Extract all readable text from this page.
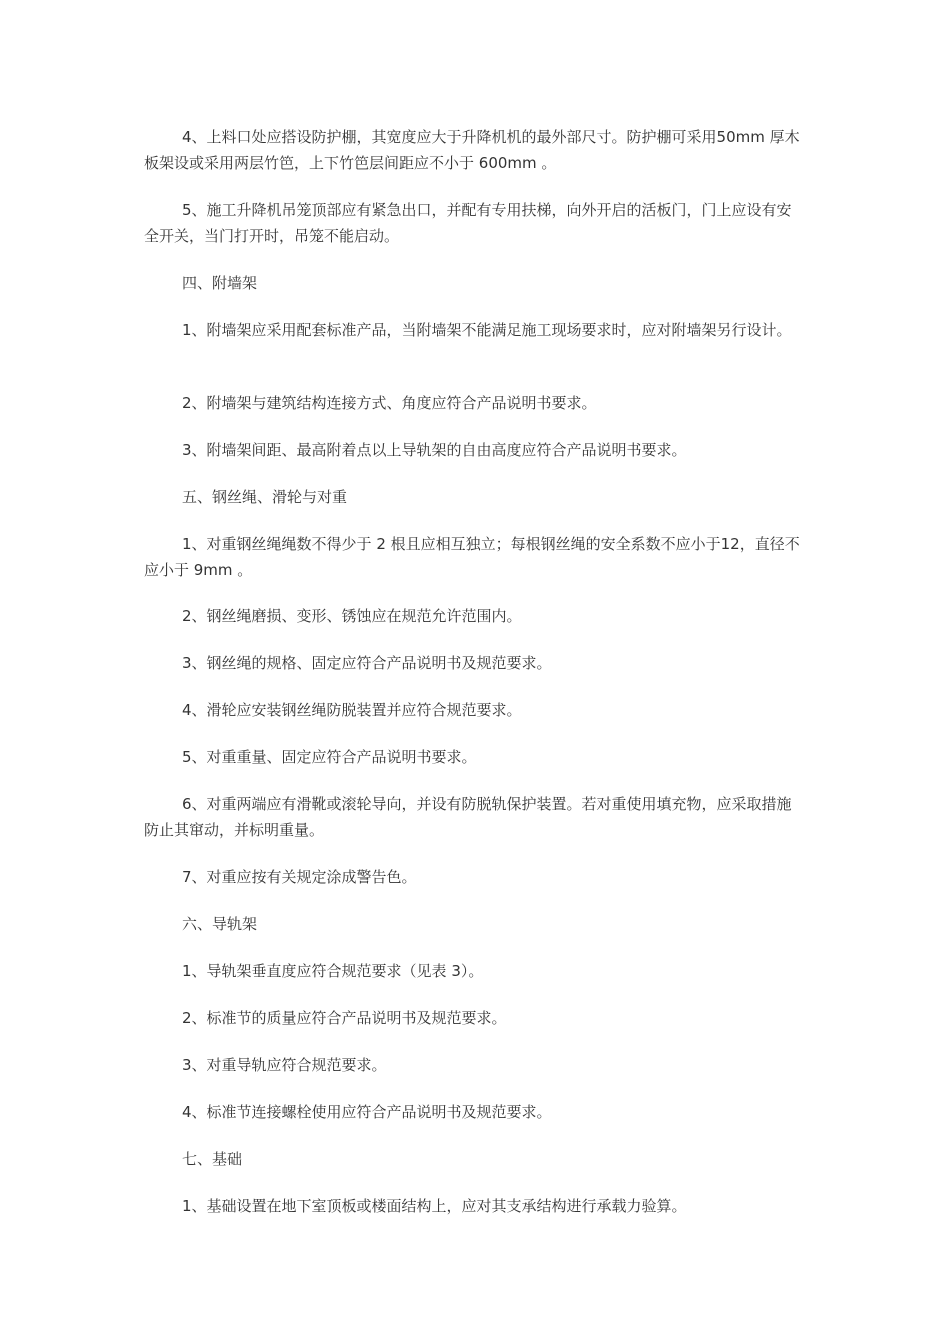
4、上料口处应搭设防护棚，其宽度应大于升降机机的最外部尺寸。防护棚可采用50mm 厚木板架设或采用两层竹笆，上下竹笆层间距应不小于 600mm 。

5、施工升降机吊笼顶部应有紧急出口，并配有专用扶梯，向外开启的活板门，门上应设有安全开关，当门打开时，吊笼不能启动。

四、附墙架

1、附墙架应采用配套标准产品，当附墙架不能满足施工现场要求时，应对附墙架另行设计。

2、附墙架与建筑结构连接方式、角度应符合产品说明书要求。

3、附墙架间距、最高附着点以上导轨架的自由高度应符合产品说明书要求。

五、钢丝绳、滑轮与对重

1、对重钢丝绳绳数不得少于 2 根且应相互独立；每根钢丝绳的安全系数不应小于12，直径不应小于 9mm 。

2、钢丝绳磨损、变形、锈蚀应在规范允许范围内。

3、钢丝绳的规格、固定应符合产品说明书及规范要求。

4、滑轮应安装钢丝绳防脱装置并应符合规范要求。

5、对重重量、固定应符合产品说明书要求。

6、对重两端应有滑靴或滚轮导向，并设有防脱轨保护装置。若对重使用填充物，应采取措施防止其窜动，并标明重量。

7、对重应按有关规定涂成警告色。

六、导轨架

1、导轨架垂直度应符合规范要求（见表 3）。

2、标准节的质量应符合产品说明书及规范要求。

3、对重导轨应符合规范要求。

4、标准节连接螺栓使用应符合产品说明书及规范要求。

七、基础

1、基础设置在地下室顶板或楼面结构上，应对其支承结构进行承载力验算。
